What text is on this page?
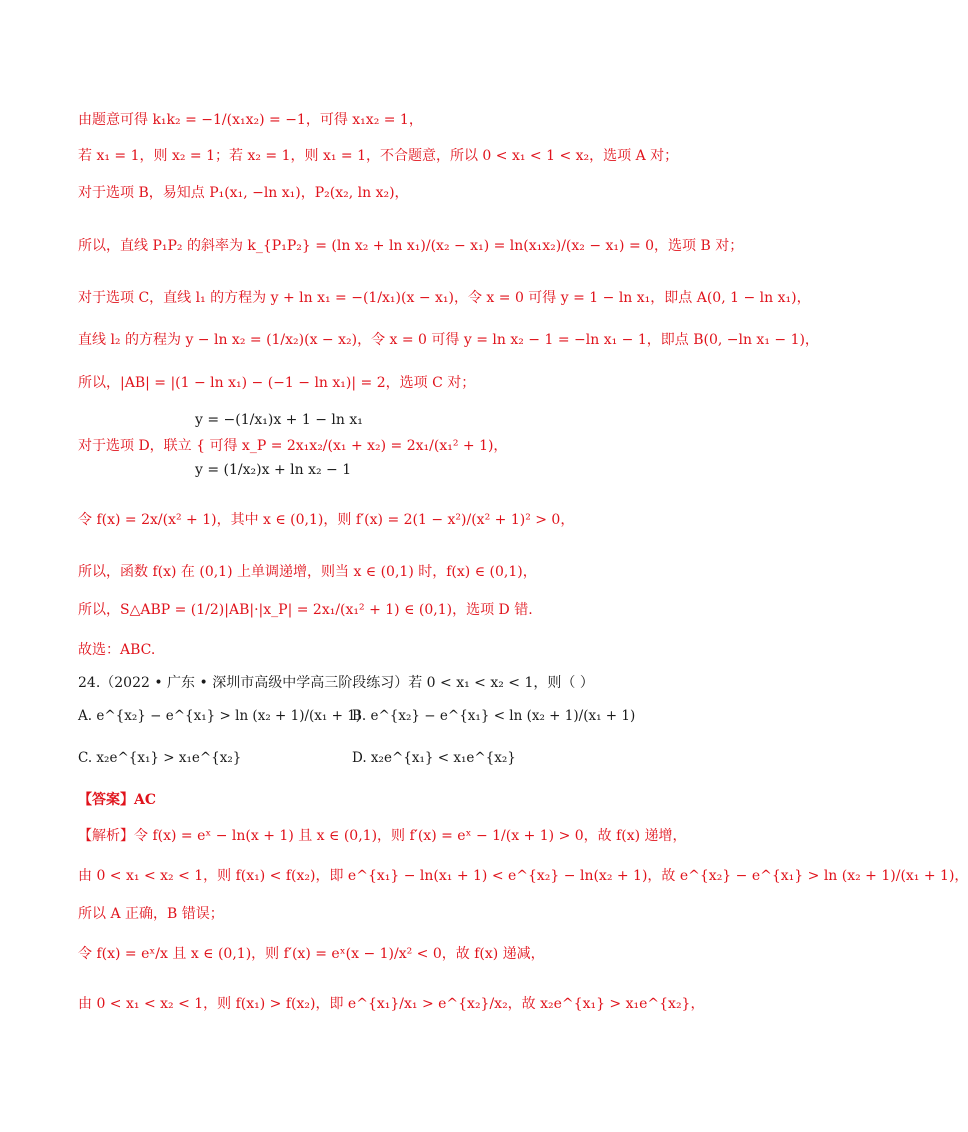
由题意可得 k₁k₂ = −1/(x₁x₂) = −1，可得 x₁x₂ = 1，
若 x₁ = 1，则 x₂ = 1；若 x₂ = 1，则 x₁ = 1，不合题意，所以 0 < x₁ < 1 < x₂，选项 A 对；
对于选项 B，易知点 P₁(x₁, −ln x₁)，P₂(x₂, ln x₂)，
所以，直线 P₁P₂ 的斜率为 k_{P₁P₂} = (ln x₂ + ln x₁)/(x₂ − x₁) = ln(x₁x₂)/(x₂ − x₁) = 0，选项 B 对；
对于选项 C，直线 l₁ 的方程为 y + ln x₁ = −(1/x₁)(x − x₁)，令 x = 0 可得 y = 1 − ln x₁，即点 A(0, 1 − ln x₁)，
直线 l₂ 的方程为 y − ln x₂ = (1/x₂)(x − x₂)，令 x = 0 可得 y = ln x₂ − 1 = −ln x₁ − 1，即点 B(0, −ln x₁ − 1)，
所以，|AB| = |(1 − ln x₁) − (−1 − ln x₁)| = 2，选项 C 对；
y = −(1/x₁)x + 1 − ln x₁
对于选项 D，联立 { 可得 x_P = 2x₁x₂/(x₁ + x₂) = 2x₁/(x₁² + 1)，
y = (1/x₂)x + ln x₂ − 1
令 f(x) = 2x/(x² + 1)，其中 x ∈ (0,1)，则 f′(x) = 2(1 − x²)/(x² + 1)² > 0，
所以，函数 f(x) 在 (0,1) 上单调递增，则当 x ∈ (0,1) 时，f(x) ∈ (0,1)，
所以，S△ABP = (1/2)|AB|·|x_P| = 2x₁/(x₁² + 1) ∈ (0,1)，选项 D 错.
故选：ABC.
24.（2022 • 广东 • 深圳市高级中学高三阶段练习）若 0 < x₁ < x₂ < 1，则（ ）
A. e^{x₂} − e^{x₁} > ln (x₂ + 1)/(x₁ + 1)
B. e^{x₂} − e^{x₁} < ln (x₂ + 1)/(x₁ + 1)
C. x₂e^{x₁} > x₁e^{x₂}	D. x₂e^{x₁} < x₁e^{x₂}
【答案】AC
【解析】令 f(x) = eˣ − ln(x + 1) 且 x ∈ (0,1)，则 f′(x) = eˣ − 1/(x + 1) > 0，故 f(x) 递增，
由 0 < x₁ < x₂ < 1，则 f(x₁) < f(x₂)，即 e^{x₁} − ln(x₁ + 1) < e^{x₂} − ln(x₂ + 1)，故 e^{x₂} − e^{x₁} > ln (x₂ + 1)/(x₁ + 1)，
所以 A 正确，B 错误；
令 f(x) = eˣ/x 且 x ∈ (0,1)，则 f′(x) = eˣ(x − 1)/x² < 0，故 f(x) 递减，
由 0 < x₁ < x₂ < 1，则 f(x₁) > f(x₂)，即 e^{x₁}/x₁ > e^{x₂}/x₂，故 x₂e^{x₁} > x₁e^{x₂}，
